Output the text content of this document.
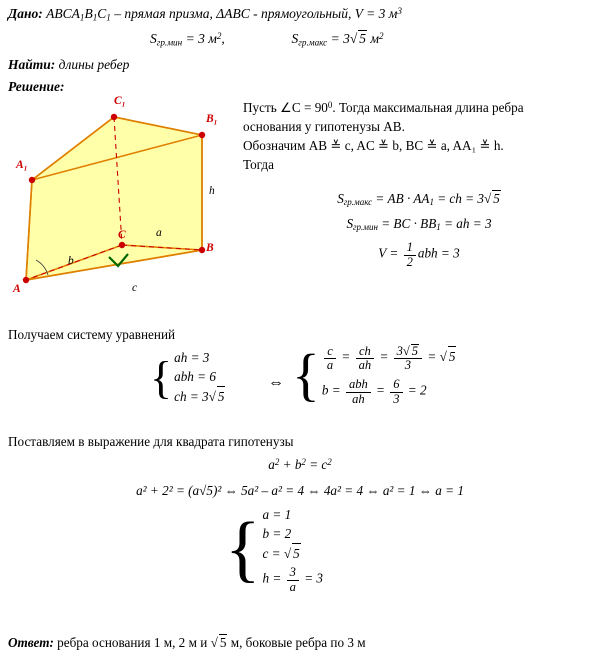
Дано: $ABCA_1B_1C_1$ – прямая призма, ΔABC - прямоугольный, V = 3 $м^3$
$S_{гр.мин} = 3$ $м^2$,	$S_{гр.макс} = 3√$ 5 $м^2$
Найти: длины ребер
Решение:
C₁
B₁
A₁
A
B
C
h
a
b
c
Пусть ∠C = $90^0$. Тогда максимальная длина ребра
основания у гипотенузы AB.
Обозначим AB ≚ c, AC ≚ b, BC ≚ a, AA₁ ≚ h.
Тогда
$S_{гр.макс}$ = AB · $AA_1$ = ch = 3√ 5
$S_{гр.мин}$ = BC · $BB_1$ = ah = 3
$V = \frac{1}{2}$ abh = 3
Получаем систему уравнений
{ ah = 3
abh = 6
ch = 3√ 5
⇔ { $\frac{c}{a} = \frac{ch}{ah} = \frac{3√ 5}{3}$ = √ 5
$b = \frac{\text{abh}}{ah} = \frac{6}{3} = 2$
Поставляем в выражение для квадрата гипотенузы
$a^2 + b^2 = c^2$
a² + 2² = (a√5)² ⇔ 5a² – a² = 4 ⇔ 4a² = 4 ⇔ a² = 1 ⇔ a = 1
{ a = 1
b = 2
c = √ 5
$h = \frac{3}{a} = 3$
Ответ: ребра основания 1 м, 2 м и √ 5 м, боковые ребра по 3 м
